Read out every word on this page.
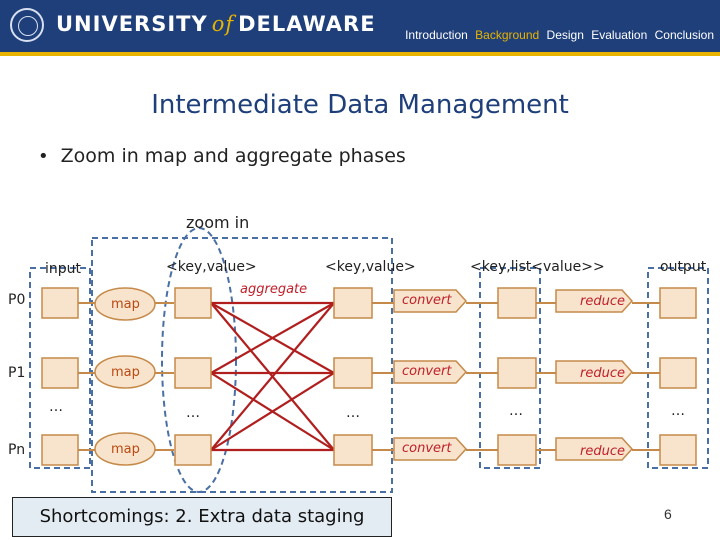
UNIVERSITY of DELAWARE	Introduction Background Design Evaluation Conclusion
Intermediate Data Management
• Zoom in map and aggregate phases
zoom in
input	<key,value>	<key,value>	<key,list<value>>	output
P0
P1
Pn
map
map
map
aggregate
convert
convert
convert
reduce
reduce
reduce
…	…	…	…	…
Shortcomings: 2. Extra data staging	6
